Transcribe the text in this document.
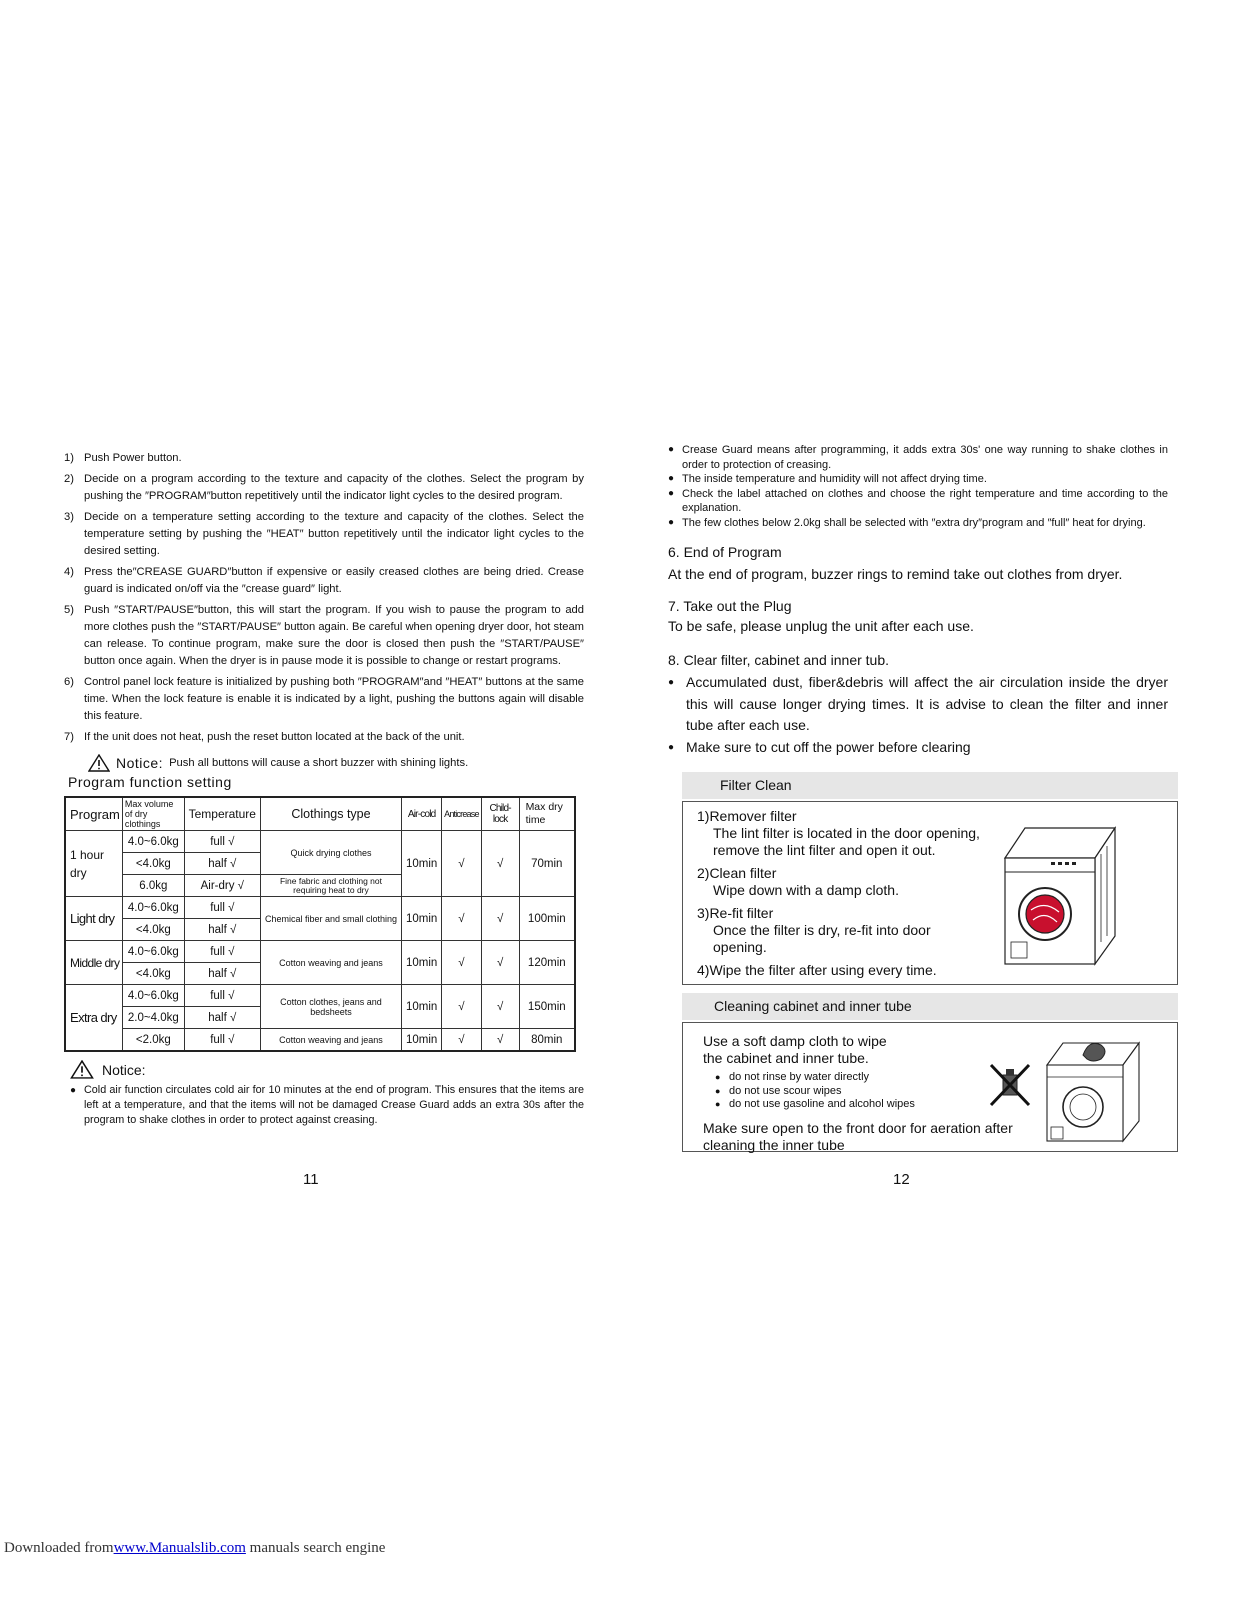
1) Push Power button.
2) Decide on a program according to the texture and capacity of the clothes. Select the program by pushing the ″PROGRAM″button repetitively until the indicator light cycles to the desired program.
3) Decide on a temperature setting according to the texture and capacity of the clothes. Select the temperature setting by pushing the ″HEAT″ button repetitively until the indicator light cycles to the desired setting.
4) Press the″CREASE GUARD″button if expensive or easily creased clothes are being dried. Crease guard is indicated on/off via the ″crease guard″ light.
5) Push ″START/PAUSE″button, this will start the program. If you wish to pause the program to add more clothes push the ″START/PAUSE″ button again. Be careful when opening dryer door, hot steam can release. To continue program, make sure the door is closed then push the ″START/PAUSE″ button once again. When the dryer is in pause mode it is possible to change or restart programs.
6) Control panel lock feature is initialized by pushing both ″PROGRAM″and ″HEAT″ buttons at the same time. When the lock feature is enable it is indicated by a light, pushing the buttons again will disable this feature.
7) If the unit does not heat, push the reset button located at the back of the unit.
Notice: Push all buttons will cause a short buzzer with shining lights.
Program function setting
Program	Max volume of dry clothings	Temperature	Clothings type	Air-cold	Anticrease	Child-lock	Max dry time
1 hour dry	4.0~6.0kg	full √	Quick drying clothes	10min	√	√	70min
	<4.0kg	half √					
	6.0kg	Air-dry √	Fine fabric and clothing not requiring heat to dry				
Light dry	4.0~6.0kg	full √	Chemical fiber and small clothing	10min	√	√	100min
	<4.0kg	half √					
Middle dry	4.0~6.0kg	full √	Cotton weaving and jeans	10min	√	√	120min
	<4.0kg	half √					
Extra dry	4.0~6.0kg	full √	Cotton clothes, jeans and bedsheets	10min	√	√	150min
	2.0~4.0kg	half √					
	<2.0kg	full √	Cotton weaving and jeans	10min	√	√	80min
Notice:
● Cold air function circulates cold air for 10 minutes at the end of program. This ensures that the items are left at a temperature, and that the items will not be damaged Crease Guard adds an extra 30s after the program to shake clothes in order to protect against creasing.
11
● Crease Guard means after programming, it adds extra 30s' one way running to shake clothes in order to protection of creasing.
● The inside temperature and humidity will not affect drying time.
● Check the label attached on clothes and choose the right temperature and time according to the explanation.
● The few clothes below 2.0kg shall be selected with ″extra dry″program and ″full″ heat for drying.
6. End of Program
At the end of program, buzzer rings to remind take out clothes from dryer.
7. Take out the Plug
To be safe, please unplug the unit after each use.
8. Clear filter, cabinet and inner tub.
● Accumulated dust, fiber&debris will affect the air circulation inside the dryer this will cause longer drying times. It is advise to clean the filter and inner tube after each use.
● Make sure to cut off the power before clearing
Filter Clean
1)Remover filter
The lint filter is located in the door opening,
remove the lint filter and open it out.
2)Clean filter
Wipe down with a damp cloth.
3)Re-fit filter
Once the filter is dry, re-fit into door
opening.
4)Wipe the filter after using every time.
Cleaning cabinet and inner tube
Use a soft damp cloth to wipe
the cabinet and inner tube.
● do not rinse by water directly
● do not use scour wipes
● do not use gasoline and alcohol wipes
Make sure open to the front door for aeration after
cleaning the inner tube
12
Downloaded fromwww.Manualslib.com manuals search engine
